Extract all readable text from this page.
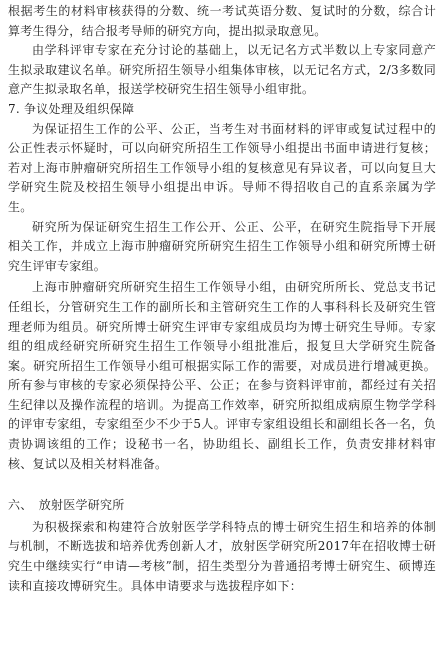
根据考生的材料审核获得的分数、统一考试英语分数、复试时的分数，综合计算考生得分，结合报考导师的研究方向，提出拟录取意见。

由学科评审专家在充分讨论的基础上，以无记名方式半数以上专家同意产生拟录取建议名单。研究所招生领导小组集体审核，以无记名方式，2/3多数同意产生拟录取名单，报送学校研究生招生领导小组审批。

7. 争议处理及组织保障

为保证招生工作的公平、公正，当考生对书面材料的评审或复试过程中的公正性表示怀疑时，可以向研究所招生工作领导小组提出书面申请进行复核；若对上海市肿瘤研究所招生工作领导小组的复核意见有异议者，可以向复旦大学研究生院及校招生领导小组提出申诉。导师不得招收自己的直系亲属为学生。

研究所为保证研究生招生工作公开、公正、公平，在研究生院指导下开展相关工作，并成立上海市肿瘤研究所研究生招生工作领导小组和研究所博士研究生评审专家组。

上海市肿瘤研究所研究生招生工作领导小组，由研究所所长、党总支书记任组长，分管研究生工作的副所长和主管研究生工作的人事科科长及研究生管理老师为组员。研究所博士研究生评审专家组成员均为博士研究生导师。专家组的组成经研究所研究生招生工作领导小组批准后，报复旦大学研究生院备案。研究所招生工作领导小组可根据实际工作的需要，对成员进行增减更换。所有参与审核的专家必须保持公平、公正；在参与资料评审前，都经过有关招生纪律以及操作流程的培训。为提高工作效率，研究所拟组成病原生物学学科的评审专家组，专家组至少不少于5人。评审专家组设组长和副组长各一名，负责协调该组的工作；设秘书一名，协助组长、副组长工作，负责安排材料审核、复试以及相关材料准备。

六、　放射医学研究所

为积极探索和构建符合放射医学学科特点的博士研究生招生和培养的体制与机制，不断选拔和培养优秀创新人才，放射医学研究所2017年在招收博士研究生中继续实行“申请—考核”制，招生类型分为普通招考博士研究生、硕博连读和直接攻博研究生。具体申请要求与选拔程序如下：
